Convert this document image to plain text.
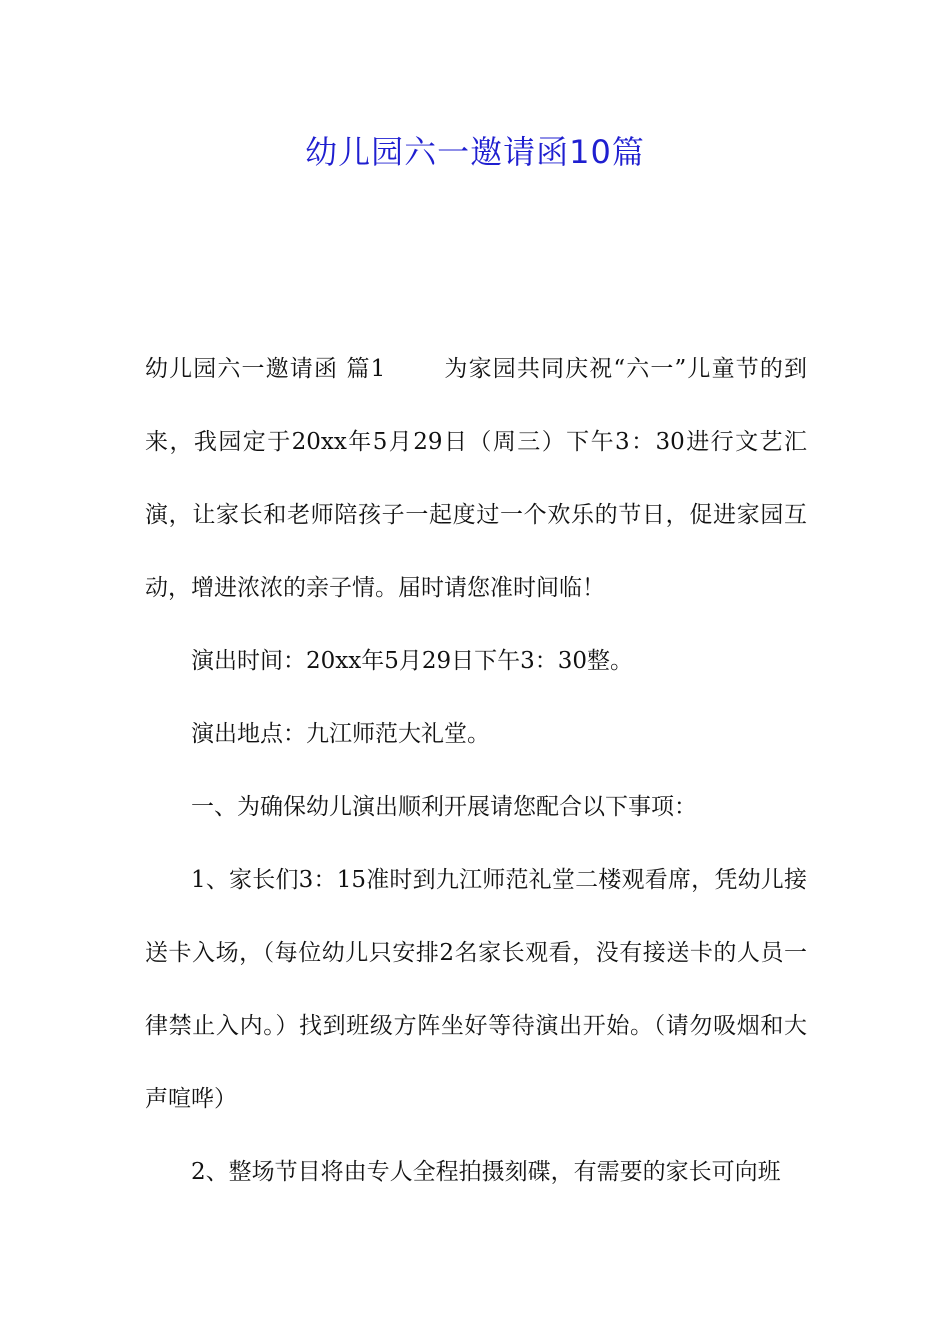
幼儿园六一邀请函10篇

幼儿园六一邀请函 篇1	为家园共同庆祝“六一”儿童节的到来，我园定于20xx年5月29日（周三）下午3：30进行文艺汇演，让家长和老师陪孩子一起度过一个欢乐的节日，促进家园互动，增进浓浓的亲子情。届时请您准时间临！

演出时间：20xx年5月29日下午3：30整。

演出地点：九江师范大礼堂。

一、为确保幼儿演出顺利开展请您配合以下事项：

1、家长们3：15准时到九江师范礼堂二楼观看席，凭幼儿接送卡入场，（每位幼儿只安排2名家长观看，没有接送卡的人员一律禁止入内。）找到班级方阵坐好等待演出开始。（请勿吸烟和大声喧哗）

2、整场节目将由专人全程拍摄刻碟，有需要的家长可向班
